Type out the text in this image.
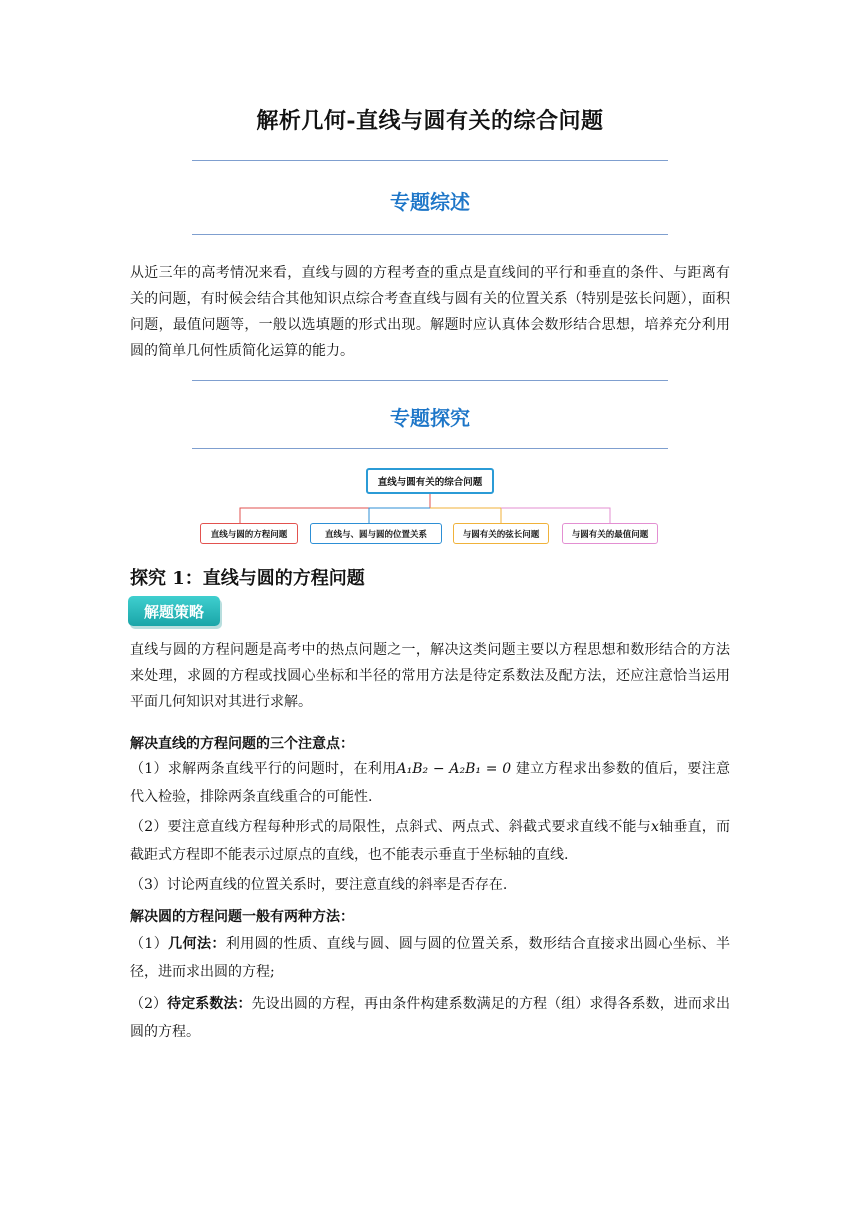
解析几何-直线与圆有关的综合问题
专题综述
从近三年的高考情况来看，直线与圆的方程考查的重点是直线间的平行和垂直的条件、与距离有关的问题，有时候会结合其他知识点综合考查直线与圆有关的位置关系（特别是弦长问题），面积问题，最值问题等，一般以选填题的形式出现。解题时应认真体会数形结合思想，培养充分利用圆的简单几何性质简化运算的能力。
专题探究
直线与圆有关的综合问题
直线与圆的方程问题	直线与、圆与圆的位置关系	与圆有关的弦长问题	与圆有关的最值问题
探究 1：直线与圆的方程问题
解题策略
直线与圆的方程问题是高考中的热点问题之一，解决这类问题主要以方程思想和数形结合的方法来处理，求圆的方程或找圆心坐标和半径的常用方法是待定系数法及配方法，还应注意恰当运用平面几何知识对其进行求解。
解决直线的方程问题的三个注意点：
（1）求解两条直线平行的问题时，在利用A₁B₂ − A₂B₁ = 0 建立方程求出参数的值后，要注意代入检验，排除两条直线重合的可能性.
（2）要注意直线方程每种形式的局限性，点斜式、两点式、斜截式要求直线不能与x轴垂直，而截距式方程即不能表示过原点的直线，也不能表示垂直于坐标轴的直线.
（3）讨论两直线的位置关系时，要注意直线的斜率是否存在.
解决圆的方程问题一般有两种方法：
（1）几何法：利用圆的性质、直线与圆、圆与圆的位置关系，数形结合直接求出圆心坐标、半径，进而求出圆的方程;
（2）待定系数法：先设出圆的方程，再由条件构建系数满足的方程（组）求得各系数，进而求出圆的方程。
